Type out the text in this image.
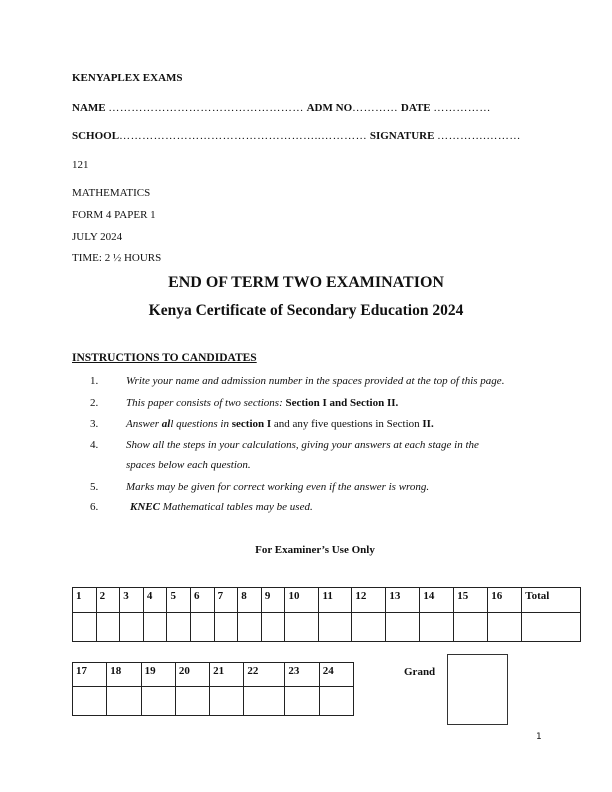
KENYAPLEX EXAMS
NAME …………………………………………… ADM NO………… DATE ……………
SCHOOL……………………………………………..………… SIGNATURE ………….………
121
MATHEMATICS
FORM 4 PAPER 1
JULY 2024
TIME: 2 ½ HOURS
END OF TERM TWO EXAMINATION
Kenya Certificate of Secondary Education 2024
INSTRUCTIONS TO CANDIDATES
1.	Write your name and admission number in the spaces provided at the top of this page.
2.	This paper consists of two sections: Section I and Section II.
3.	Answer all questions in section I and any five questions in Section II.
4.	Show all the steps in your calculations, giving your answers at each stage in the
spaces below each question.
5.	Marks may be given for correct working even if the answer is wrong.
6.	KNEC Mathematical tables may be used.
For Examiner’s Use Only
1	2	3	4	5	6	7	8	9	10	11	12	13	14	15	16	Total

17	18	19	20	21	22	23	24
								Grand
1
